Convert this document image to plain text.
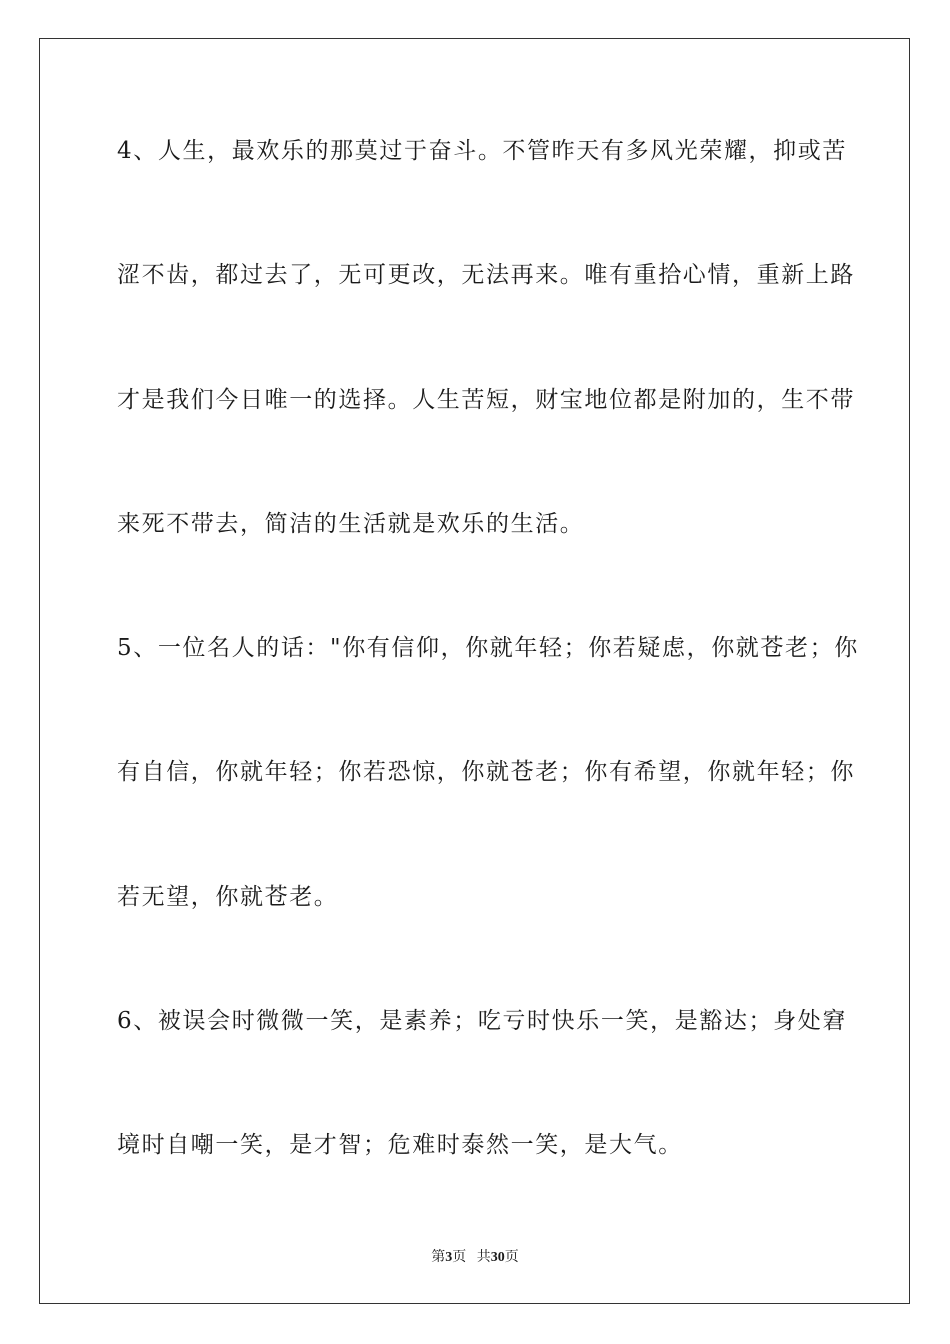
4、人生，最欢乐的那莫过于奋斗。不管昨天有多风光荣耀，抑或苦
涩不齿，都过去了，无可更改，无法再来。唯有重拾心情，重新上路
才是我们今日唯一的选择。人生苦短，财宝地位都是附加的，生不带
来死不带去，简洁的生活就是欢乐的生活。
5、一位名人的话："你有信仰，你就年轻；你若疑虑，你就苍老；你
有自信，你就年轻；你若恐惊，你就苍老；你有希望，你就年轻；你
若无望，你就苍老。
6、被误会时微微一笑，是素养；吃亏时快乐一笑，是豁达；身处窘
境时自嘲一笑，是才智；危难时泰然一笑，是大气。
第3页 共30页
